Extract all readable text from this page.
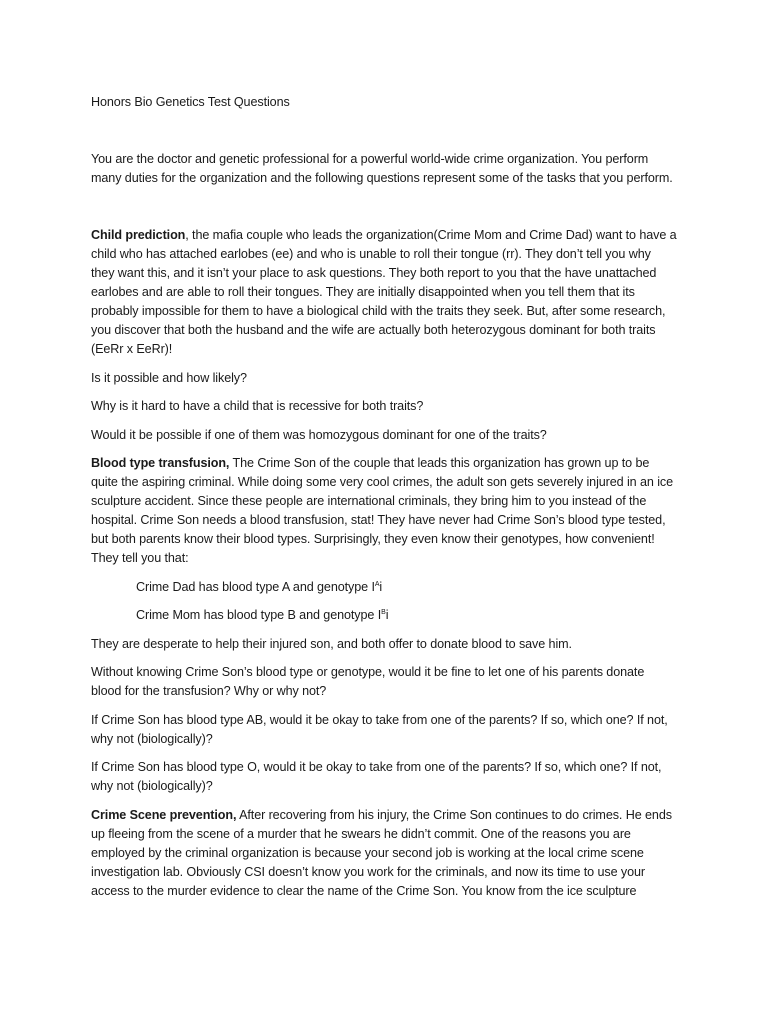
Honors Bio Genetics Test Questions

You are the doctor and genetic professional for a powerful world-wide crime organization. You perform many duties for the organization and the following questions represent some of the tasks that you perform.

Child prediction, the mafia couple who leads the organization(Crime Mom and Crime Dad) want to have a child who has attached earlobes (ee) and who is unable to roll their tongue (rr). They don’t tell you why they want this, and it isn’t your place to ask questions. They both report to you that the have unattached earlobes and are able to roll their tongues. They are initially disappointed when you tell them that its probably impossible for them to have a biological child with the traits they seek. But, after some research, you discover that both the husband and the wife are actually both heterozygous dominant for both traits (EeRr x EeRr)!

Is it possible and how likely?

Why is it hard to have a child that is recessive for both traits?

Would it be possible if one of them was homozygous dominant for one of the traits?

Blood type transfusion, The Crime Son of the couple that leads this organization has grown up to be quite the aspiring criminal. While doing some very cool crimes, the adult son gets severely injured in an ice sculpture accident. Since these people are international criminals, they bring him to you instead of the hospital. Crime Son needs a blood transfusion, stat! They have never had Crime Son’s blood type tested, but both parents know their blood types. Surprisingly, they even know their genotypes, how convenient! They tell you that:

Crime Dad has blood type A and genotype $I^Ai$

Crime Mom has blood type B and genotype $I^Bi$

They are desperate to help their injured son, and both offer to donate blood to save him.

Without knowing Crime Son’s blood type or genotype, would it be fine to let one of his parents donate blood for the transfusion? Why or why not?

If Crime Son has blood type AB, would it be okay to take from one of the parents? If so, which one? If not, why not (biologically)?

If Crime Son has blood type O, would it be okay to take from one of the parents? If so, which one? If not, why not (biologically)?

Crime Scene prevention, After recovering from his injury, the Crime Son continues to do crimes. He ends up fleeing from the scene of a murder that he swears he didn’t commit. One of the reasons you are employed by the criminal organization is because your second job is working at the local crime scene investigation lab. Obviously CSI doesn’t know you work for the criminals, and now its time to use your access to the murder evidence to clear the name of the Crime Son. You know from the ice sculpture
